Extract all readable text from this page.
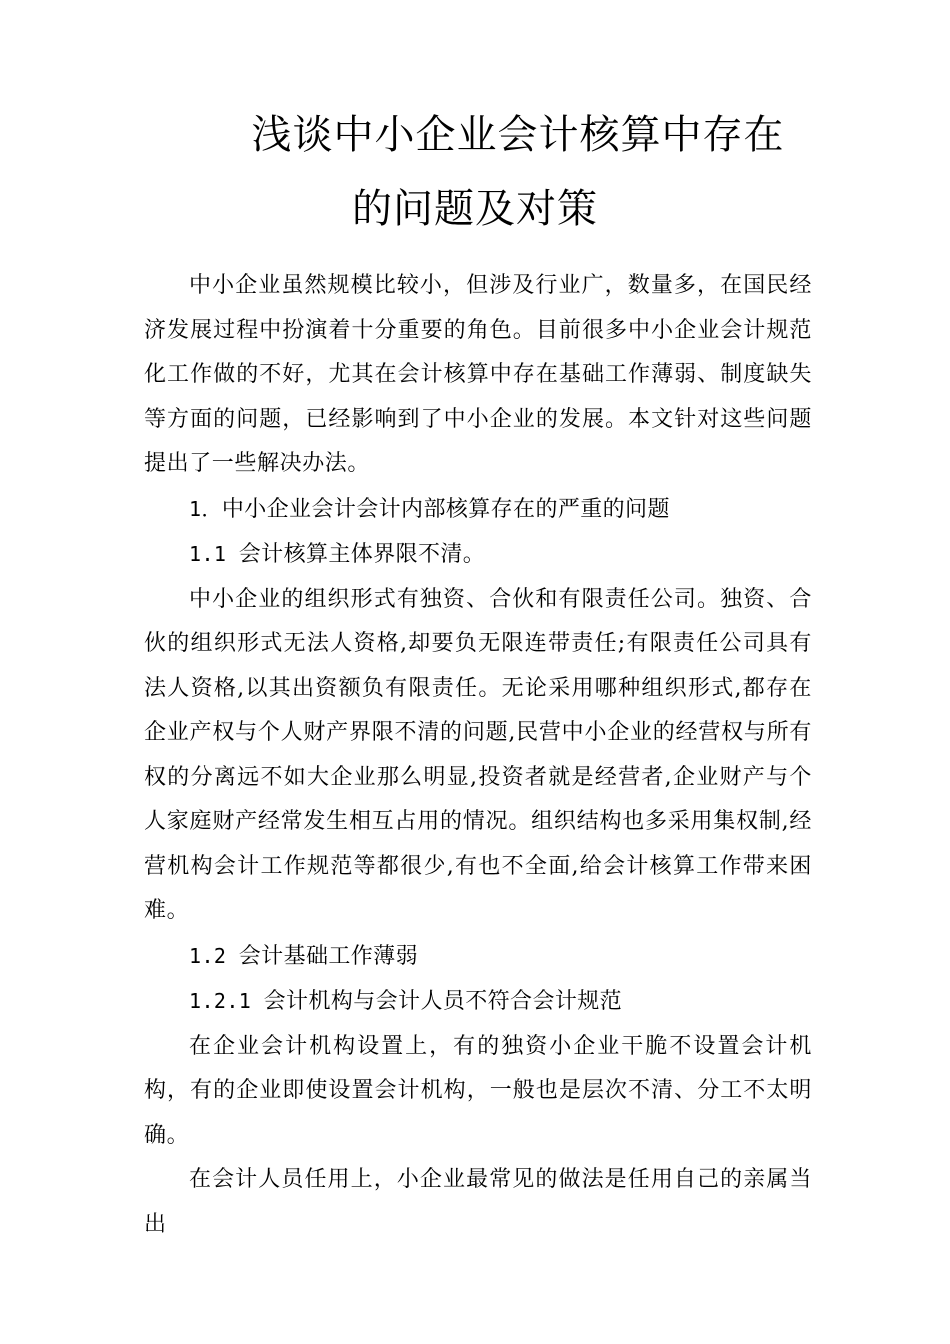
浅谈中小企业会计核算中存在
的问题及对策

中小企业虽然规模比较小，但涉及行业广，数量多，在国民经济发展过程中扮演着十分重要的角色。目前很多中小企业会计规范化工作做的不好，尤其在会计核算中存在基础工作薄弱、制度缺失等方面的问题，已经影响到了中小企业的发展。本文针对这些问题提出了一些解决办法。

1．中小企业会计会计内部核算存在的严重的问题

1.1 会计核算主体界限不清。

中小企业的组织形式有独资、合伙和有限责任公司。独资、合伙的组织形式无法人资格,却要负无限连带责任;有限责任公司具有法人资格,以其出资额负有限责任。无论采用哪种组织形式,都存在企业产权与个人财产界限不清的问题,民营中小企业的经营权与所有权的分离远不如大企业那么明显,投资者就是经营者,企业财产与个人家庭财产经常发生相互占用的情况。组织结构也多采用集权制,经营机构会计工作规范等都很少,有也不全面,给会计核算工作带来困难。

1.2 会计基础工作薄弱

1.2.1 会计机构与会计人员不符合会计规范

在企业会计机构设置上，有的独资小企业干脆不设置会计机构，有的企业即使设置会计机构，一般也是层次不清、分工不太明确。

在会计人员任用上，小企业最常见的做法是任用自己的亲属当出
